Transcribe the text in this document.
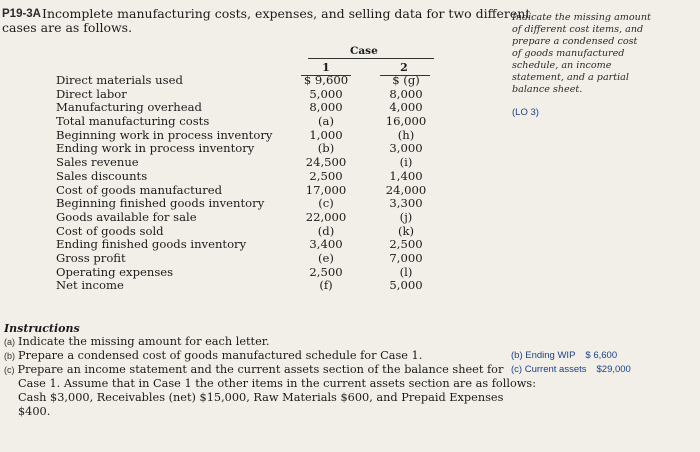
P19-3A Incomplete manufacturing costs, expenses, and selling data for two different
cases are as follows.

Indicate the missing amount

of different cost items, and

prepare a condensed cost

of goods manufactured

schedule, an income

statement, and a partial

balance sheet.

(LO 3)
Case
1	2
Direct materials used	$ 9,600	$ (g)
Direct labor	5,000	8,000
Manufacturing overhead	8,000	4,000
Total manufacturing costs	(a)	16,000
Beginning work in process inventory	1,000	(h)
Ending work in process inventory	(b)	3,000
Sales revenue	24,500	(i)
Sales discounts	2,500	1,400
Cost of goods manufactured	17,000	24,000
Beginning finished goods inventory	(c)	3,300
Goods available for sale	22,000	(j)
Cost of goods sold	(d)	(k)
Ending finished goods inventory	3,400	2,500
Gross profit	(e)	7,000
Operating expenses	2,500	(l)
Net income	(f)	5,000
Instructions
(a) Indicate the missing amount for each letter.
(b) Prepare a condensed cost of goods manufactured schedule for Case 1.
(c) Prepare an income statement and the current assets section of the balance sheet for
Case 1. Assume that in Case 1 the other items in the current assets section are as follows:
Cash $3,000, Receivables (net) $15,000, Raw Materials $600, and Prepaid Expenses
$400.
(b) Ending WIP $ 6,600
(c) Current assets $29,000
